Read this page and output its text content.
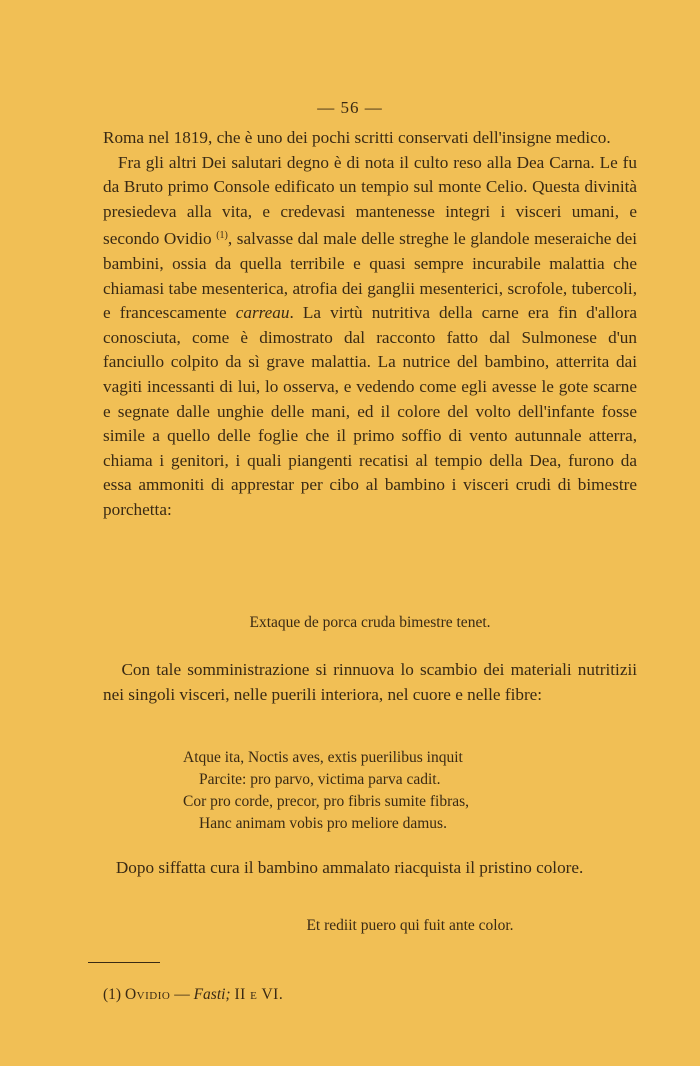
— 56 —

Roma nel 1819, che è uno dei pochi scritti conservati dell'insigne medico.

Fra gli altri Dei salutari degno è di nota il culto reso alla Dea Carna. Le fu da Bruto primo Console edificato un tempio sul monte Celio. Questa divinità presiedeva alla vita, e credevasi mantenesse integri i visceri umani, e secondo Ovidio $^{(1)}$, salvasse dal male delle streghe le glandole meseraiche dei bambini, ossia da quella terribile e quasi sempre incurabile malattia che chiamasi tabe mesenterica, atrofia dei ganglii mesenterici, scrofole, tubercoli, e francescamente carreau. La virtù nutritiva della carne era fin d'allora conosciuta, come è dimostrato dal racconto fatto dal Sulmonese d'un fanciullo colpito da sì grave malattia. La nutrice del bambino, atterrita dai vagiti incessanti di lui, lo osserva, e vedendo come egli avesse le gote scarne e segnate dalle unghie delle mani, ed il colore del volto dell'infante fosse simile a quello delle foglie che il primo soffio di vento autunnale atterra, chiama i genitori, i quali piangenti recatisi al tempio della Dea, furono da essa ammoniti di apprestar per cibo al bambino i visceri crudi di bimestre porchetta:

Extaque de porca cruda bimestre tenet.
Con tale somministrazione si rinnuova lo scambio dei materiali nutritizii nei singoli visceri, nelle puerili interiora, nel cuore e nelle fibre:
Atque ita, Noctis aves, extis puerilibus inquit
Parcite: pro parvo, victima parva cadit.
Cor pro corde, precor, pro fibris sumite fibras,
Hanc animam vobis pro meliore damus.
Dopo siffatta cura il bambino ammalato riacquista il pristino colore.
Et rediit puero qui fuit ante color.
(1) Ovidio — Fasti; II e VI.
